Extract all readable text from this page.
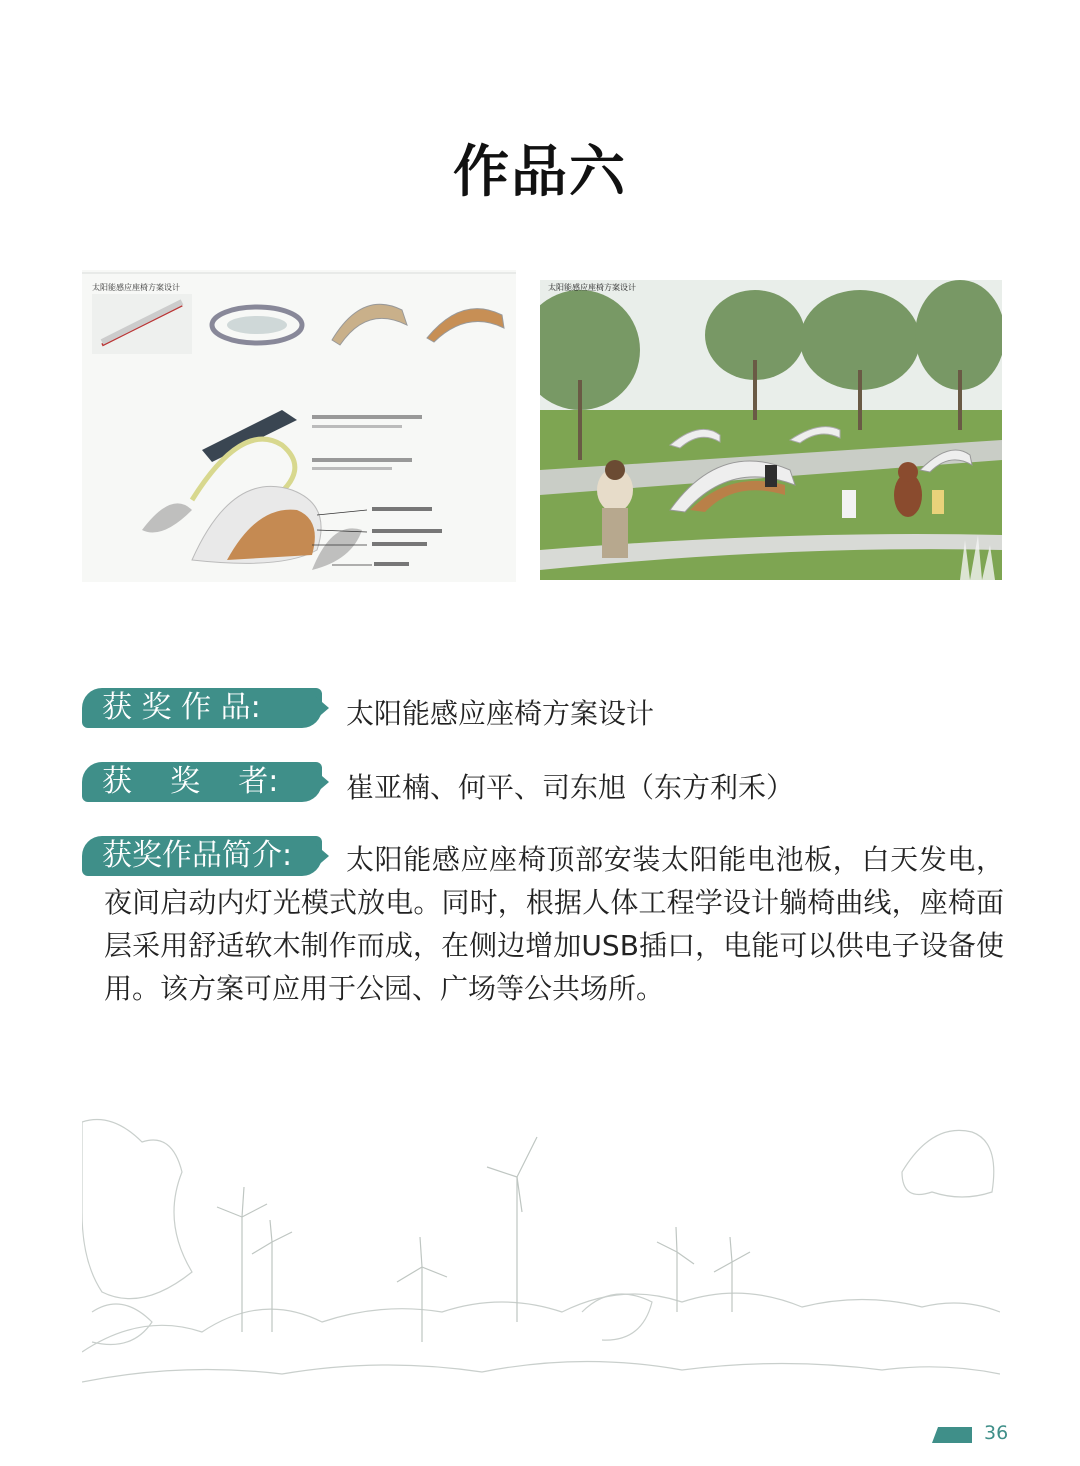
作品六
太阳能感应座椅方案设计	太阳能感应座椅方案设计
获 奖 作 品:	太阳能感应座椅方案设计
获    奖    者:	崔亚楠、何平、司东旭（东方利禾）
获奖作品简介:	太阳能感应座椅顶部安装太阳能电池板，白天发电，夜间启动内灯光模式放电。同时，根据人体工程学设计躺椅曲线，座椅面层采用舒适软木制作而成，在侧边增加USB插口，电能可以供电子设备使用。该方案可应用于公园、广场等公共场所。
36
